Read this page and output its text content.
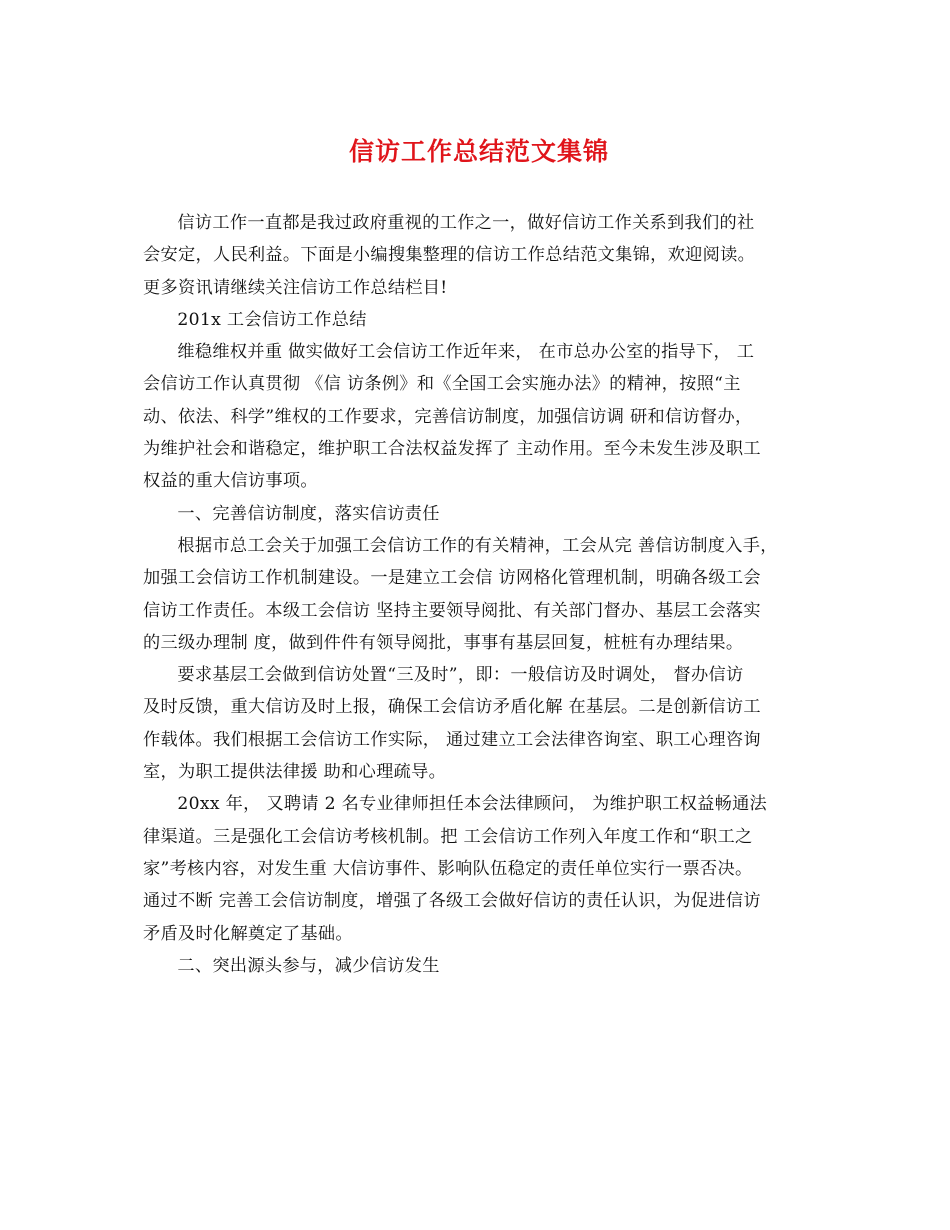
信访工作总结范文集锦

信访工作一直都是我过政府重视的工作之一，做好信访工作关系到我们的社
会安定，人民利益。下面是小编搜集整理的信访工作总结范文集锦，欢迎阅读。
更多资讯请继续关注信访工作总结栏目!

201x 工会信访工作总结

维稳维权并重 做实做好工会信访工作近年来， 在市总办公室的指导下， 工
会信访工作认真贯彻 《信 访条例》和《全国工会实施办法》的精神，按照“主
动、依法、科学”维权的工作要求，完善信访制度，加强信访调 研和信访督办，
为维护社会和谐稳定，维护职工合法权益发挥了 主动作用。至今未发生涉及职工
权益的重大信访事项。

一、完善信访制度，落实信访责任

根据市总工会关于加强工会信访工作的有关精神，工会从完 善信访制度入手，
加强工会信访工作机制建设。一是建立工会信 访网格化管理机制，明确各级工会
信访工作责任。本级工会信访 坚持主要领导阅批、有关部门督办、基层工会落实
的三级办理制 度，做到件件有领导阅批，事事有基层回复，桩桩有办理结果。

要求基层工会做到信访处置“三及时”，即：一般信访及时调处， 督办信访
及时反馈，重大信访及时上报，确保工会信访矛盾化解 在基层。二是创新信访工
作载体。我们根据工会信访工作实际， 通过建立工会法律咨询室、职工心理咨询
室，为职工提供法律援 助和心理疏导。

20xx 年， 又聘请 2 名专业律师担任本会法律顾问， 为维护职工权益畅通法
律渠道。三是强化工会信访考核机制。把 工会信访工作列入年度工作和“职工之
家”考核内容，对发生重 大信访事件、影响队伍稳定的责任单位实行一票否决。
通过不断 完善工会信访制度，增强了各级工会做好信访的责任认识，为促进信访
矛盾及时化解奠定了基础。

二、突出源头参与，减少信访发生
